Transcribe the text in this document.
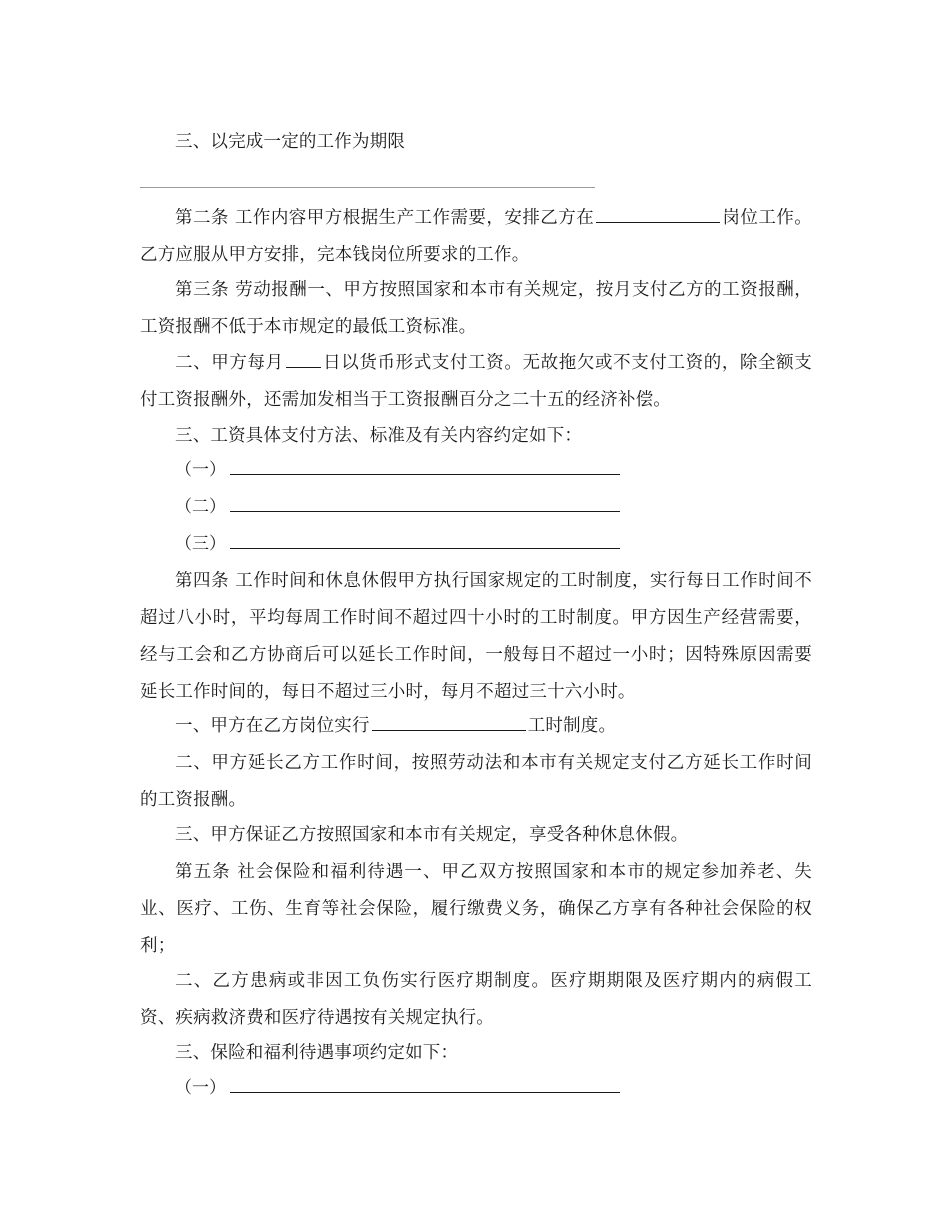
三、以完成一定的工作为期限

第二条 工作内容甲方根据生产工作需要，安排乙方在	岗位工作。乙方应服从甲方安排，完本钱岗位所要求的工作。

第三条 劳动报酬一、甲方按照国家和本市有关规定，按月支付乙方的工资报酬，工资报酬不低于本市规定的最低工资标准。

二、甲方每月 日以货币形式支付工资。无故拖欠或不支付工资的，除全额支付工资报酬外，还需加发相当于工资报酬百分之二十五的经济补偿。

三、工资具体支付方法、标准及有关内容约定如下：

（一）
（二）
（三）

第四条 工作时间和休息休假甲方执行国家规定的工时制度，实行每日工作时间不超过八小时，平均每周工作时间不超过四十小时的工时制度。甲方因生产经营需要，经与工会和乙方协商后可以延长工作时间，一般每日不超过一小时；因特殊原因需要延长工作时间的，每日不超过三小时，每月不超过三十六小时。

一、甲方在乙方岗位实行	工时制度。

二、甲方延长乙方工作时间，按照劳动法和本市有关规定支付乙方延长工作时间的工资报酬。

三、甲方保证乙方按照国家和本市有关规定，享受各种休息休假。

第五条 社会保险和福利待遇一、甲乙双方按照国家和本市的规定参加养老、失业、医疗、工伤、生育等社会保险，履行缴费义务，确保乙方享有各种社会保险的权利；

二、乙方患病或非因工负伤实行医疗期制度。医疗期期限及医疗期内的病假工资、疾病救济费和医疗待遇按有关规定执行。

三、保险和福利待遇事项约定如下：

（一）
